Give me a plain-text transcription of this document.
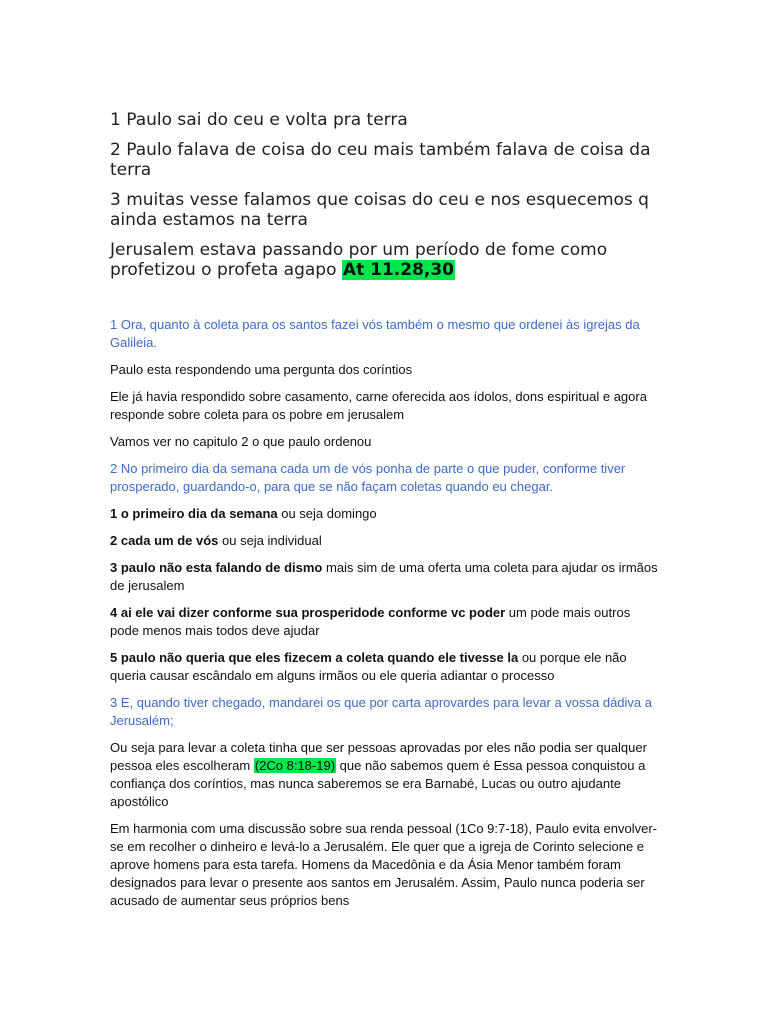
1 Paulo sai do ceu e volta pra terra

2 Paulo falava de coisa do ceu mais também falava de coisa da terra

3 muitas vesse falamos que coisas do ceu e nos esquecemos q ainda estamos na terra

Jerusalem estava passando por um período de fome como profetizou o profeta agapo At 11.28,30

1 Ora, quanto à coleta para os santos fazei vós também o mesmo que ordenei às igrejas da Galileia.

Paulo esta respondendo uma pergunta dos coríntios

Ele já havia respondido sobre casamento, carne oferecida aos ídolos, dons espiritual e agora responde sobre coleta para os pobre em jerusalem

Vamos ver no capitulo 2 o que paulo ordenou

2 No primeiro dia da semana cada um de vós ponha de parte o que puder, conforme tiver prosperado, guardando-o, para que se não façam coletas quando eu chegar.

1 o primeiro dia da semana ou seja domingo

2 cada um de vós ou seja individual

3 paulo não esta falando de dismo mais sim de uma oferta uma coleta para ajudar os irmãos de jerusalem

4 ai ele vai dizer conforme sua prosperidode conforme vc poder um pode mais outros pode menos mais todos deve ajudar

5 paulo não queria que eles fizecem a coleta quando ele tivesse la ou porque ele não queria causar escândalo em alguns irmãos ou ele queria adiantar o processo

3 E, quando tiver chegado, mandarei os que por carta aprovardes para levar a vossa dádiva a Jerusalém;

Ou seja para levar a coleta tinha que ser pessoas aprovadas por eles não podia ser qualquer pessoa eles escolheram (2Co 8:18-19) que não sabemos quem é Essa pessoa conquistou a confiança dos coríntios, mas nunca saberemos se era Barnabé, Lucas ou outro ajudante apostólico

Em harmonia com uma discussão sobre sua renda pessoal (1Co 9:7-18), Paulo evita envolver-se em recolher o dinheiro e levá-lo a Jerusalém. Ele quer que a igreja de Corinto selecione e aprove homens para esta tarefa. Homens da Macedônia e da Ásia Menor também foram designados para levar o presente aos santos em Jerusalém. Assim, Paulo nunca poderia ser acusado de aumentar seus próprios bens
